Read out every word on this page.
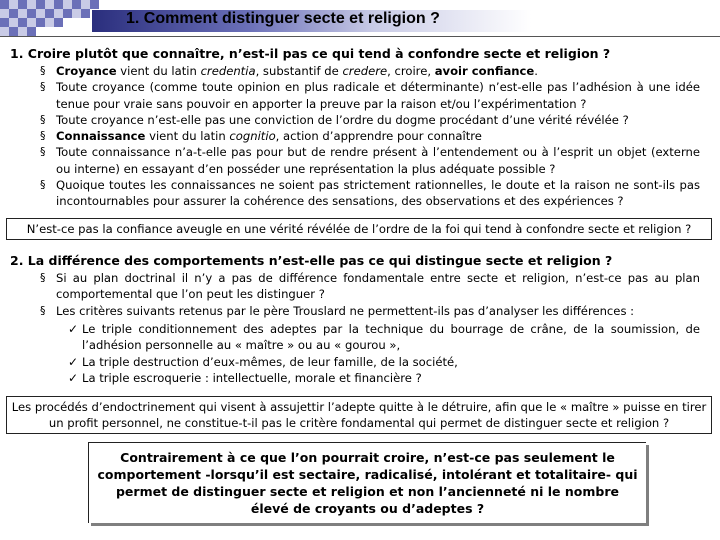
1. Comment distinguer secte et religion ?
1. Croire plutôt que connaître, n’est-il pas ce qui tend à confondre secte et religion ?
§ Croyance vient du latin credentia, substantif de credere, croire, avoir confiance.
§ Toute croyance (comme toute opinion en plus radicale et déterminante) n’est-elle pas l’adhésion à une idée tenue pour vraie sans pouvoir en apporter la preuve par la raison et/ou l’expérimentation ?
§ Toute croyance n’est-elle pas une conviction de l’ordre du dogme procédant d’une vérité révélée ?
§ Connaissance vient du latin cognitio, action d’apprendre pour connaître
§ Toute connaissance n’a-t-elle pas pour but de rendre présent à l’entendement ou à l’esprit un objet (externe ou interne) en essayant d’en posséder une représentation la plus adéquate possible ?
§ Quoique toutes les connaissances ne soient pas strictement rationnelles, le doute et la raison ne sont-ils pas incontournables pour assurer la cohérence des sensations, des observations et des expériences ?
N’est-ce pas la confiance aveugle en une vérité révélée de l’ordre de la foi qui tend à confondre secte et religion ?
2. La différence des comportements n’est-elle pas ce qui distingue secte et religion ?
§ Si au plan doctrinal il n’y a pas de différence fondamentale entre secte et religion, n’est-ce pas au plan comportemental que l’on peut les distinguer ?
§ Les critères suivants retenus par le père Trouslard ne permettent-ils pas d’analyser les différences :
✓ Le triple conditionnement des adeptes par la technique du bourrage de crâne, de la soumission, de l’adhésion personnelle au « maître » ou au « gourou »,
✓ La triple destruction d’eux-mêmes, de leur famille, de la société,
✓ La triple escroquerie : intellectuelle, morale et financière ?
Les procédés d’endoctrinement qui visent à assujettir l’adepte quitte à le détruire, afin que le « maître » puisse en tirer un profit personnel, ne constitue-t-il pas le critère fondamental qui permet de distinguer secte et religion ?
Contrairement à ce que l’on pourrait croire, n’est-ce pas seulement le comportement -lorsqu’il est sectaire, radicalisé, intolérant et totalitaire- qui permet de distinguer secte et religion et non l’ancienneté ni le nombre élevé de croyants ou d’adeptes ?
